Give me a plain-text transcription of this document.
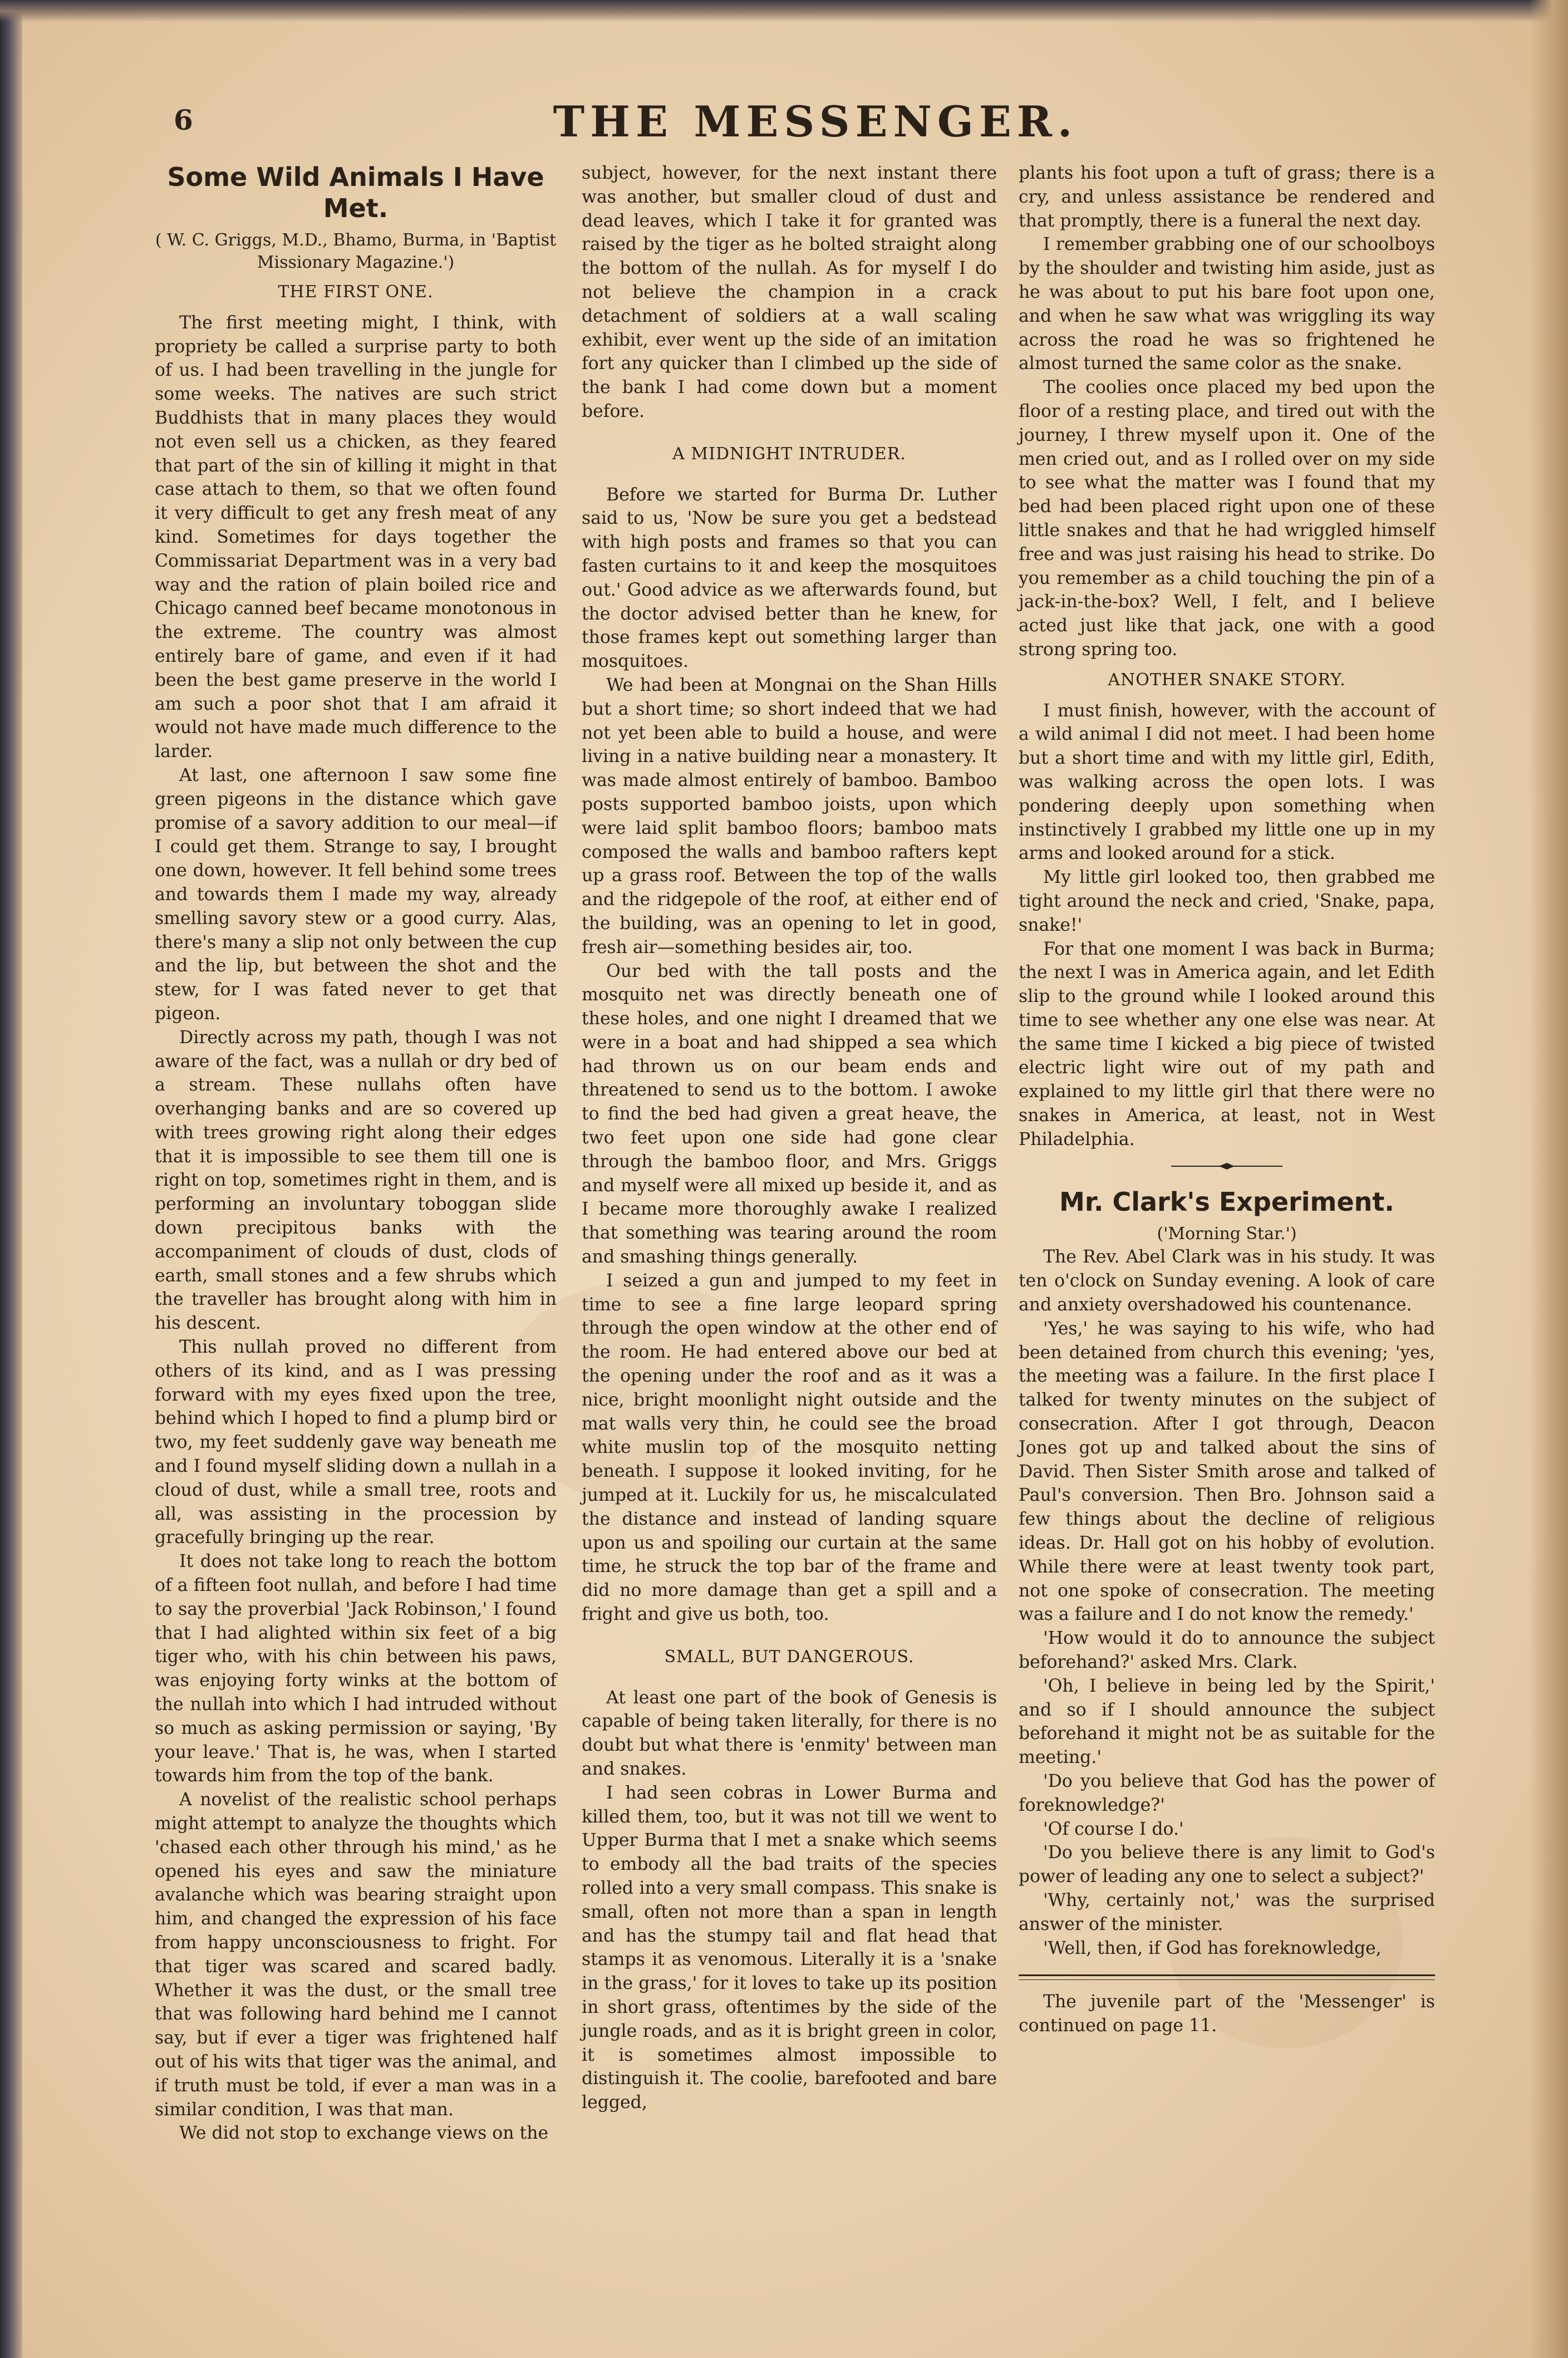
6	THE MESSENGER.
Some Wild Animals I Have Met.

( W. C. Griggs, M.D., Bhamo, Burma, in 'Baptist Missionary Magazine.')

THE FIRST ONE.

The first meeting might, I think, with propriety be called a surprise party to both of us. I had been travelling in the jungle for some weeks. The natives are such strict Buddhists that in many places they would not even sell us a chicken, as they feared that part of the sin of killing it might in that case attach to them, so that we often found it very difficult to get any fresh meat of any kind. Sometimes for days together the Commissariat Department was in a very bad way and the ration of plain boiled rice and Chicago canned beef became monotonous in the extreme. The country was almost entirely bare of game, and even if it had been the best game preserve in the world I am such a poor shot that I am afraid it would not have made much difference to the larder.

At last, one afternoon I saw some fine green pigeons in the distance which gave promise of a savory addition to our meal—if I could get them. Strange to say, I brought one down, however. It fell behind some trees and towards them I made my way, already smelling savory stew or a good curry. Alas, there's many a slip not only between the cup and the lip, but between the shot and the stew, for I was fated never to get that pigeon.

Directly across my path, though I was not aware of the fact, was a nullah or dry bed of a stream. These nullahs often have overhanging banks and are so covered up with trees growing right along their edges that it is impossible to see them till one is right on top, sometimes right in them, and is performing an involuntary toboggan slide down precipitous banks with the accompaniment of clouds of dust, clods of earth, small stones and a few shrubs which the traveller has brought along with him in his descent.

This nullah proved no different from others of its kind, and as I was pressing forward with my eyes fixed upon the tree, behind which I hoped to find a plump bird or two, my feet suddenly gave way beneath me and I found myself sliding down a nullah in a cloud of dust, while a small tree, roots and all, was assisting in the procession by gracefully bringing up the rear.

It does not take long to reach the bottom of a fifteen foot nullah, and before I had time to say the proverbial 'Jack Robinson,' I found that I had alighted within six feet of a big tiger who, with his chin between his paws, was enjoying forty winks at the bottom of the nullah into which I had intruded without so much as asking permission or saying, 'By your leave.' That is, he was, when I started towards him from the top of the bank.

A novelist of the realistic school perhaps might attempt to analyze the thoughts which 'chased each other through his mind,' as he opened his eyes and saw the miniature avalanche which was bearing straight upon him, and changed the expression of his face from happy unconsciousness to fright. For that tiger was scared and scared badly. Whether it was the dust, or the small tree that was following hard behind me I cannot say, but if ever a tiger was frightened half out of his wits that tiger was the animal, and if truth must be told, if ever a man was in a similar condition, I was that man.

We did not stop to exchange views on the

subject, however, for the next instant there was another, but smaller cloud of dust and dead leaves, which I take it for granted was raised by the tiger as he bolted straight along the bottom of the nullah. As for myself I do not believe the champion in a crack detachment of soldiers at a wall scaling exhibit, ever went up the side of an imitation fort any quicker than I climbed up the side of the bank I had come down but a moment before.

A MIDNIGHT INTRUDER.

Before we started for Burma Dr. Luther said to us, 'Now be sure you get a bedstead with high posts and frames so that you can fasten curtains to it and keep the mosquitoes out.' Good advice as we afterwards found, but the doctor advised better than he knew, for those frames kept out something larger than mosquitoes.

We had been at Mongnai on the Shan Hills but a short time; so short indeed that we had not yet been able to build a house, and were living in a native building near a monastery. It was made almost entirely of bamboo. Bamboo posts supported bamboo joists, upon which were laid split bamboo floors; bamboo mats composed the walls and bamboo rafters kept up a grass roof. Between the top of the walls and the ridgepole of the roof, at either end of the building, was an opening to let in good, fresh air—something besides air, too.

Our bed with the tall posts and the mosquito net was directly beneath one of these holes, and one night I dreamed that we were in a boat and had shipped a sea which had thrown us on our beam ends and threatened to send us to the bottom. I awoke to find the bed had given a great heave, the two feet upon one side had gone clear through the bamboo floor, and Mrs. Griggs and myself were all mixed up beside it, and as I became more thoroughly awake I realized that something was tearing around the room and smashing things generally.

I seized a gun and jumped to my feet in time to see a fine large leopard spring through the open window at the other end of the room. He had entered above our bed at the opening under the roof and as it was a nice, bright moonlight night outside and the mat walls very thin, he could see the broad white muslin top of the mosquito netting beneath. I suppose it looked inviting, for he jumped at it. Luckily for us, he miscalculated the distance and instead of landing square upon us and spoiling our curtain at the same time, he struck the top bar of the frame and did no more damage than get a spill and a fright and give us both, too.

SMALL, BUT DANGEROUS.

At least one part of the book of Genesis is capable of being taken literally, for there is no doubt but what there is 'enmity' between man and snakes.

I had seen cobras in Lower Burma and killed them, too, but it was not till we went to Upper Burma that I met a snake which seems to embody all the bad traits of the species rolled into a very small compass. This snake is small, often not more than a span in length and has the stumpy tail and flat head that stamps it as venomous. Literally it is a 'snake in the grass,' for it loves to take up its position in short grass, oftentimes by the side of the jungle roads, and as it is bright green in color, it is sometimes almost impossible to distinguish it. The coolie, barefooted and bare legged,

plants his foot upon a tuft of grass; there is a cry, and unless assistance be rendered and that promptly, there is a funeral the next day.

I remember grabbing one of our schoolboys by the shoulder and twisting him aside, just as he was about to put his bare foot upon one, and when he saw what was wriggling its way across the road he was so frightened he almost turned the same color as the snake.

The coolies once placed my bed upon the floor of a resting place, and tired out with the journey, I threw myself upon it. One of the men cried out, and as I rolled over on my side to see what the matter was I found that my bed had been placed right upon one of these little snakes and that he had wriggled himself free and was just raising his head to strike. Do you remember as a child touching the pin of a jack-in-the-box? Well, I felt, and I believe acted just like that jack, one with a good strong spring too.

ANOTHER SNAKE STORY.

I must finish, however, with the account of a wild animal I did not meet. I had been home but a short time and with my little girl, Edith, was walking across the open lots. I was pondering deeply upon something when instinctively I grabbed my little one up in my arms and looked around for a stick.

My little girl looked too, then grabbed me tight around the neck and cried, 'Snake, papa, snake!'

For that one moment I was back in Burma; the next I was in America again, and let Edith slip to the ground while I looked around this time to see whether any one else was near. At the same time I kicked a big piece of twisted electric light wire out of my path and explained to my little girl that there were no snakes in America, at least, not in West Philadelphia.

Mr. Clark's Experiment.

('Morning Star.')

The Rev. Abel Clark was in his study. It was ten o'clock on Sunday evening. A look of care and anxiety overshadowed his countenance.

'Yes,' he was saying to his wife, who had been detained from church this evening; 'yes, the meeting was a failure. In the first place I talked for twenty minutes on the subject of consecration. After I got through, Deacon Jones got up and talked about the sins of David. Then Sister Smith arose and talked of Paul's conversion. Then Bro. Johnson said a few things about the decline of religious ideas. Dr. Hall got on his hobby of evolution. While there were at least twenty took part, not one spoke of consecration. The meeting was a failure and I do not know the remedy.'

'How would it do to announce the subject beforehand?' asked Mrs. Clark.

'Oh, I believe in being led by the Spirit,' and so if I should announce the subject beforehand it might not be as suitable for the meeting.'

'Do you believe that God has the power of foreknowledge?'

'Of course I do.'

'Do you believe there is any limit to God's power of leading any one to select a subject?'

'Why, certainly not,' was the surprised answer of the minister.

'Well, then, if God has foreknowledge,

The juvenile part of the 'Messenger' is continued on page 11.
